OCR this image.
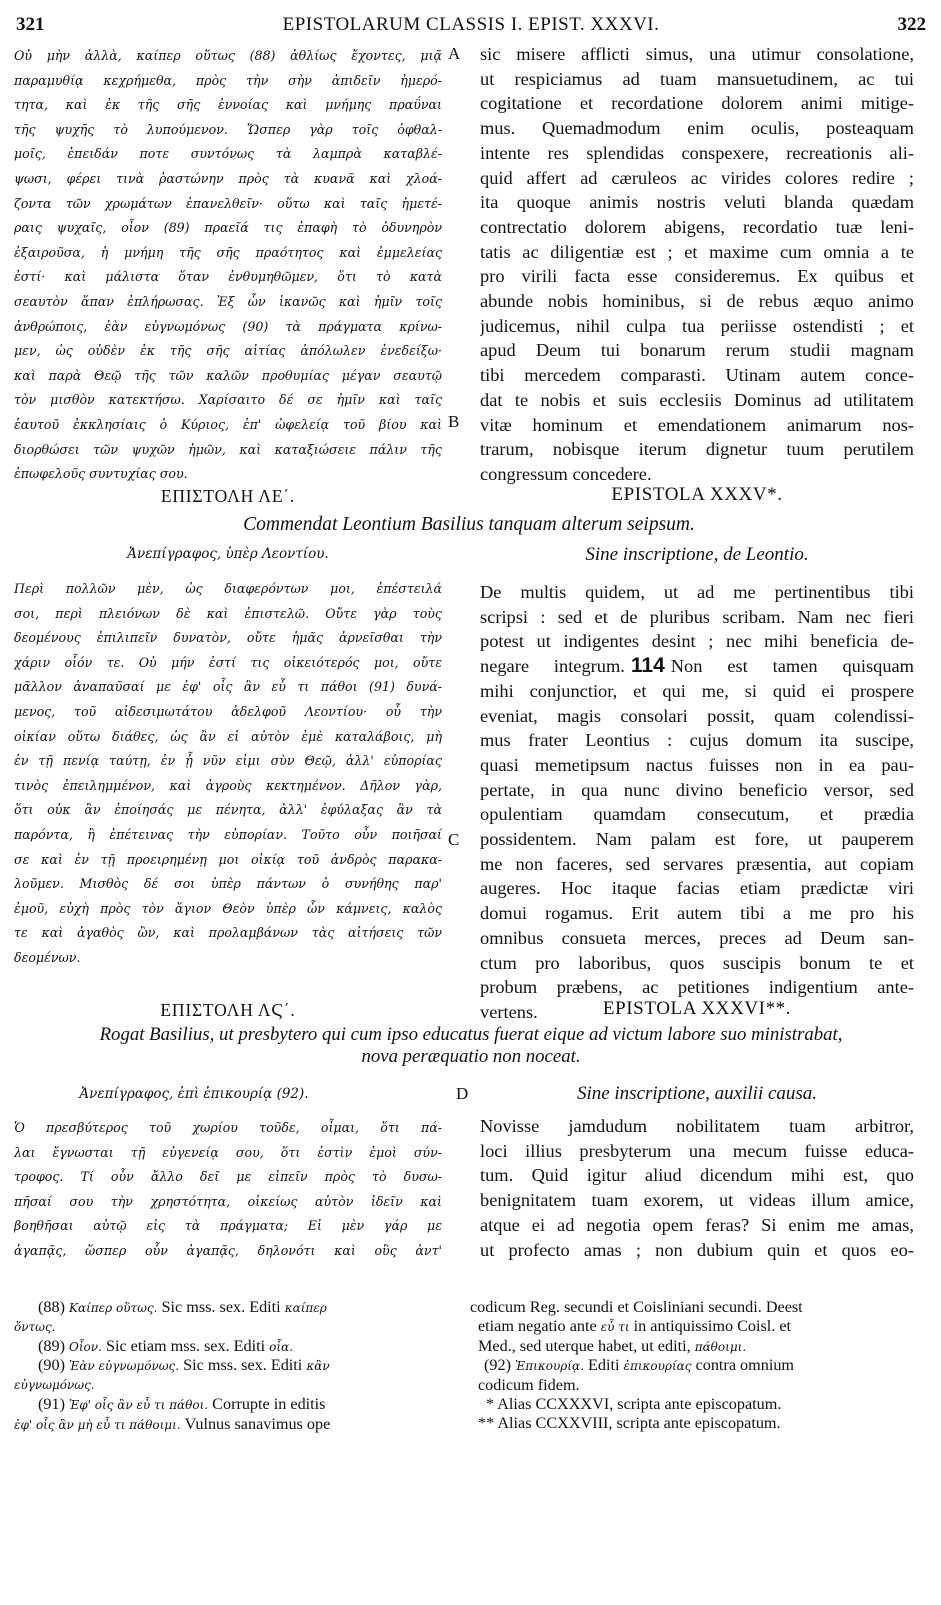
321	EPISTOLARUM CLASSIS I. EPIST. XXXVI.	322
Οὐ μὴν ἀλλὰ, καίπερ οὕτως (88) ἀθλίως ἔχοντες, μιᾷ
παραμυθίᾳ κεχρήμεθα, πρὸς τὴν σὴν ἀπιδεῖν ἡμερό-
τητα, καὶ ἐκ τῆς σῆς ἐννοίας καὶ μνήμης πραΰναι
τῆς ψυχῆς τὸ λυπούμενον. Ὥσπερ γὰρ τοῖς ὀφθαλ-
μοῖς, ἐπειδάν ποτε συντόνως τὰ λαμπρὰ καταβλέ-
ψωσι, φέρει τινὰ ῥαστώνην πρὸς τὰ κυανᾶ καὶ χλοά-
ζοντα τῶν χρωμάτων ἐπανελθεῖν· οὕτω καὶ ταῖς ἡμετέ-
ραις ψυχαῖς, οἷον (89) πραεῖά τις ἐπαφὴ τὸ ὀδυνηρὸν
ἐξαιροῦσα, ἡ μνήμη τῆς σῆς πραότητος καὶ ἐμμελείας
ἐστί· καὶ μάλιστα ὅταν ἐνθυμηθῶμεν, ὅτι τὸ κατὰ
σεαυτὸν ἅπαν ἐπλήρωσας. Ἐξ ὧν ἱκανῶς καὶ ἡμῖν τοῖς
ἀνθρώποις, ἐὰν εὐγνωμόνως (90) τὰ πράγματα κρίνω-
μεν, ὡς οὐδὲν ἐκ τῆς σῆς αἰτίας ἀπόλωλεν ἐνεδείξω·
καὶ παρὰ Θεῷ τῆς τῶν καλῶν προθυμίας μέγαν σεαυτῷ
τὸν μισθὸν κατεκτήσω. Χαρίσαιτο δέ σε ἡμῖν καὶ ταῖς
ἑαυτοῦ ἐκκλησίαις ὁ Κύριος, ἐπ' ὠφελείᾳ τοῦ βίου καὶ
διορθώσει τῶν ψυχῶν ἡμῶν, καὶ καταξιώσειε πάλιν τῆς
ἐπωφελοῦς συντυχίας σου.
sic misere afflicti simus, una utimur consolatione,
ut respiciamus ad tuam mansuetudinem, ac tui
cogitatione et recordatione dolorem animi mitige-
mus. Quemadmodum enim oculis, posteaquam
intente res splendidas conspexere, recreationis ali-
quid affert ad cæruleos ac virides colores redire ;
ita quoque animis nostris veluti blanda quædam
contrectatio dolorem abigens, recordatio tuæ leni-
tatis ac diligentiæ est ; et maxime cum omnia a te
pro virili facta esse consideremus. Ex quibus et
abunde nobis hominibus, si de rebus æquo animo
judicemus, nihil culpa tua periisse ostendisti ; et
apud Deum tui bonarum rerum studii magnam
tibi mercedem comparasti. Utinam autem conce-
dat te nobis et suis ecclesiis Dominus ad utilitatem
vitæ hominum et emendationem animarum nos-
trarum, nobisque iterum dignetur tuum perutilem
congressum concedere.
A
B
ΕΠΙΣΤΟΛΗ ΛΕ΄.	EPISTOLA XXXV*.
Commendat Leontium Basilius tanquam alterum seipsum.
Ἀνεπίγραφος, ὑπὲρ Λεοντίου.	Sine inscriptione, de Leontio.
Περὶ πολλῶν μὲν, ὡς διαφερόντων μοι, ἐπέστειλά
σοι, περὶ πλειόνων δὲ καὶ ἐπιστελῶ. Οὔτε γὰρ τοὺς
δεομένους ἐπιλιπεῖν δυνατὸν, οὔτε ἡμᾶς ἀρνεῖσθαι τὴν
χάριν οἷόν τε. Οὐ μήν ἐστί τις οἰκειότερός μοι, οὔτε
μᾶλλον ἀναπαῦσαί με ἐφ' οἷς ἂν εὖ τι πάθοι (91) δυνά-
μενος, τοῦ αἰδεσιμωτάτου ἀδελφοῦ Λεοντίου· οὗ τὴν
οἰκίαν οὕτω διάθες, ὡς ἂν εἰ αὐτὸν ἐμὲ καταλάβοις, μὴ
ἐν τῇ πενίᾳ ταύτῃ, ἐν ᾗ νῦν εἰμι σὺν Θεῷ, ἀλλ' εὐπορίας
τινὸς ἐπειλημμένον, καὶ ἀγροὺς κεκτημένον. Δῆλον γὰρ,
ὅτι οὐκ ἂν ἐποίησάς με πένητα, ἀλλ' ἐφύλαξας ἂν τὰ
παρόντα, ἢ ἐπέτεινας τὴν εὐπορίαν. Τοῦτο οὖν ποιῆσαί
σε καὶ ἐν τῇ προειρημένῃ μοι οἰκίᾳ τοῦ ἀνδρὸς παρακα-
λοῦμεν. Μισθὸς δέ σοι ὑπὲρ πάντων ὁ συνήθης παρ'
ἐμοῦ, εὐχὴ πρὸς τὸν ἅγιον Θεὸν ὑπὲρ ὧν κάμνεις, καλὸς
τε καὶ ἀγαθὸς ὢν, καὶ προλαμβάνων τὰς αἰτήσεις τῶν
δεομένων.
De multis quidem, ut ad me pertinentibus tibi
scripsi : sed et de pluribus scribam. Nam nec fieri
potest ut indigentes desint ; nec mihi beneficia de-
negare integrum. 114 Non est tamen quisquam
mihi conjunctior, et qui me, si quid ei prospere
eveniat, magis consolari possit, quam colendissi-
mus frater Leontius : cujus domum ita suscipe,
quasi memetipsum nactus fuisses non in ea pau-
pertate, in qua nunc divino beneficio versor, sed
opulentiam quamdam consecutum, et prædia
possidentem. Nam palam est fore, ut pauperem
me non faceres, sed servares præsentia, aut copiam
augeres. Hoc itaque facias etiam prædictæ viri
domui rogamus. Erit autem tibi a me pro his
omnibus consueta merces, preces ad Deum san-
ctum pro laboribus, quos suscipis bonum te et
probum præbens, ac petitiones indigentium ante-
vertens.
C
ΕΠΙΣΤΟΛΗ ΛϚ΄.	EPISTOLA XXXVI**.
Rogat Basilius, ut presbytero qui cum ipso educatus fuerat eique ad victum labore suo ministrabat,
nova peræquatio non noceat.
Ἀνεπίγραφος, ἐπὶ ἐπικουρίᾳ (92).	D	Sine inscriptione, auxilii causa.
Ὁ πρεσβύτερος τοῦ χωρίου τοῦδε, οἶμαι, ὅτι πά-
λαι ἔγνωσται τῇ εὐγενείᾳ σου, ὅτι ἐστὶν ἐμοὶ σύν-
τροφος. Τί οὖν ἄλλο δεῖ με εἰπεῖν πρὸς τὸ δυσω-
πῆσαί σου τὴν χρηστότητα, οἰκείως αὐτὸν ἰδεῖν καὶ
βοηθῆσαι αὐτῷ εἰς τὰ πράγματα; Εἰ μὲν γάρ με
ἀγαπᾷς, ὥσπερ οὖν ἀγαπᾷς, δηλονότι καὶ οὓς ἀντ'
Novisse jamdudum nobilitatem tuam arbitror,
loci illius presbyterum una mecum fuisse educa-
tum. Quid igitur aliud dicendum mihi est, quo
benignitatem tuam exorem, ut videas illum amice,
atque ei ad negotia opem feras? Si enim me amas,
ut profecto amas ; non dubium quin et quos eo-
(88) Καίπερ οὕτως. Sic mss. sex. Editi καίπερ
ὄντως.
(89) Οἷον. Sic etiam mss. sex. Editi οἷα.
(90) Ἐὰν εὐγνωμόνως. Sic mss. sex. Editi κἂν
εὐγνωμόνως.
(91) Ἐφ' οἷς ἂν εὖ τι πάθοι. Corrupte in editis
ἐφ' οἷς ἂν μὴ εὖ τι πάθοιμι. Vulnus sanavimus ope
codicum Reg. secundi et Coisliniani secundi. Deest
etiam negatio ante εὖ τι in antiquissimo Coisl. et
Med., sed uterque habet, ut editi, πάθοιμι.
(92) Ἐπικουρίᾳ. Editi ἐπικουρίας contra omnium
codicum fidem.
* Alias CCXXXVI, scripta ante episcopatum.
** Alias CCXXVIII, scripta ante episcopatum.
